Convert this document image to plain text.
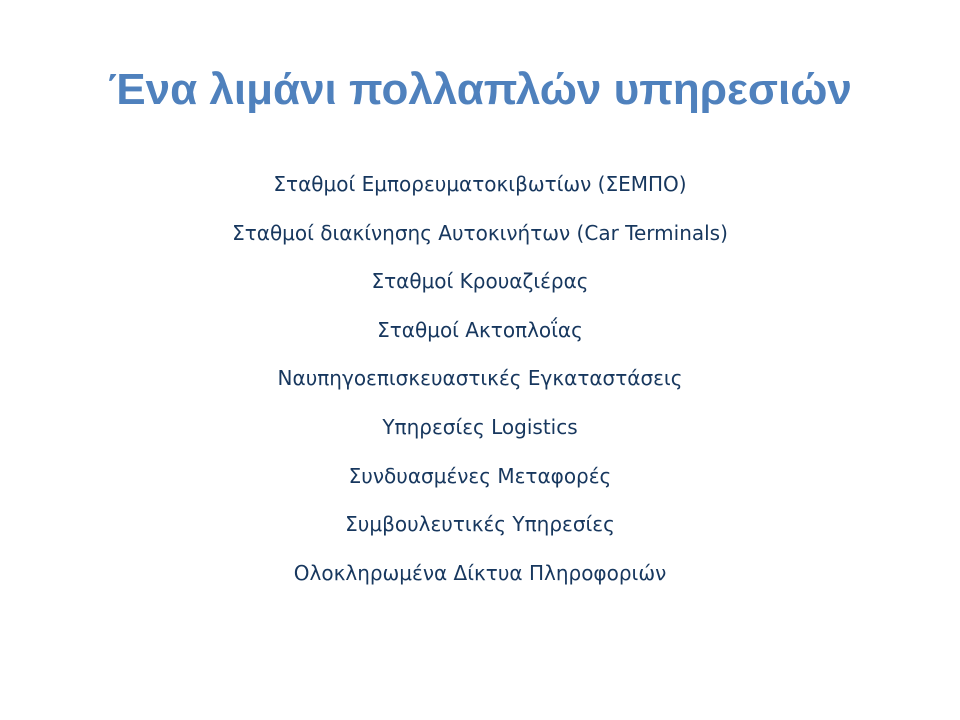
Ένα λιμάνι πολλαπλών υπηρεσιών
Σταθμοί Εμπορευματοκιβωτίων (ΣΕΜΠΟ)
Σταθμοί διακίνησης Αυτοκινήτων (Car Terminals)
Σταθμοί Κρουαζιέρας
Σταθμοί Ακτοπλοΐας
Ναυπηγοεπισκευαστικές Εγκαταστάσεις
Υπηρεσίες Logistics
Συνδυασμένες Μεταφορές
Συμβουλευτικές Υπηρεσίες
Ολοκληρωμένα Δίκτυα Πληροφοριών
